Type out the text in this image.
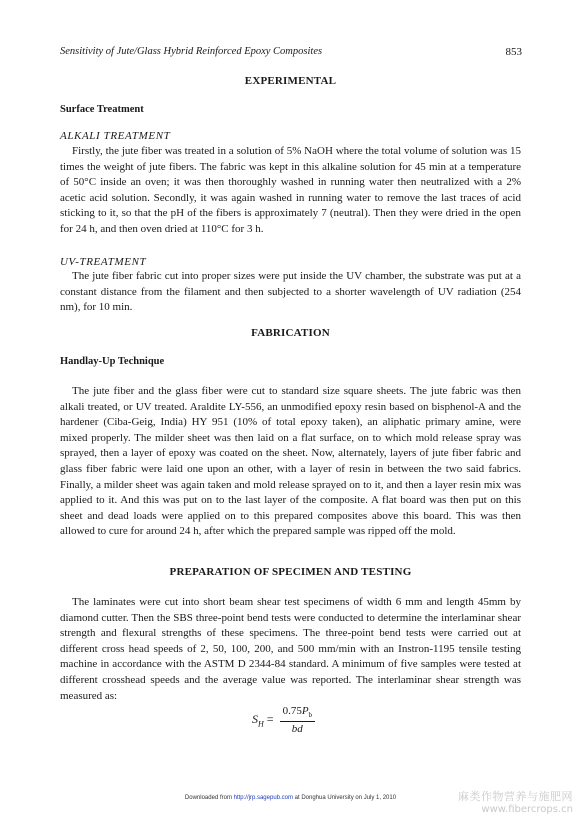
Sensitivity of Jute/Glass Hybrid Reinforced Epoxy Composites	853
EXPERIMENTAL
Surface Treatment
ALKALI TREATMENT

Firstly, the jute fiber was treated in a solution of 5% NaOH where the total volume of solution was 15 times the weight of jute fibers. The fabric was kept in this alkaline solution for 45 min at a temperature of 50°C inside an oven; it was then thoroughly washed in running water then neutralized with a 2% acetic acid solution. Secondly, it was again washed in running water to remove the last traces of acid sticking to it, so that the pH of the fibers is approximately 7 (neutral). Then they were dried in the open for 24 h, and then oven dried at 110°C for 3 h.

UV-TREATMENT

The jute fiber fabric cut into proper sizes were put inside the UV chamber, the substrate was put at a constant distance from the filament and then subjected to a shorter wavelength of UV radiation (254 nm), for 10 min.

FABRICATION
Handlay-Up Technique

The jute fiber and the glass fiber were cut to standard size square sheets. The jute fabric was then alkali treated, or UV treated. Araldite LY-556, an unmodified epoxy resin based on bisphenol-A and the hardener (Ciba-Geig, India) HY 951 (10% of total epoxy taken), an aliphatic primary amine, were mixed properly. The milder sheet was then laid on a flat surface, on to which mold release spray was sprayed, then a layer of epoxy was coated on the sheet. Now, alternately, layers of jute fiber fabric and glass fiber fabric were laid one upon an other, with a layer of resin in between the two said fabrics. Finally, a milder sheet was again taken and mold release sprayed on to it, and then a layer resin mix was applied to it. And this was put on to the last layer of the composite. A flat board was then put on this sheet and dead loads were applied on to this prepared composites above this board. This was then allowed to cure for around 24 h, after which the prepared sample was ripped off the mold.

PREPARATION OF SPECIMEN AND TESTING

The laminates were cut into short beam shear test specimens of width 6 mm and length 45mm by diamond cutter. Then the SBS three-point bend tests were conducted to determine the interlaminar shear strength and flexural strengths of these specimens. The three-point bend tests were carried out at different cross head speeds of 2, 50, 100, 200, and 500 mm/min with an Instron-1195 tensile testing machine in accordance with the ASTM D 2344-84 standard. A minimum of five samples were tested at different crosshead speeds and the average value was reported. The interlaminar shear strength was measured as:

$S_H = \frac{0.75P_b}{bd}$
Downloaded from http://jrp.sagepub.com at Donghua University on July 1, 2010	麻类作物营养与施肥网
www.fibercrops.cn
